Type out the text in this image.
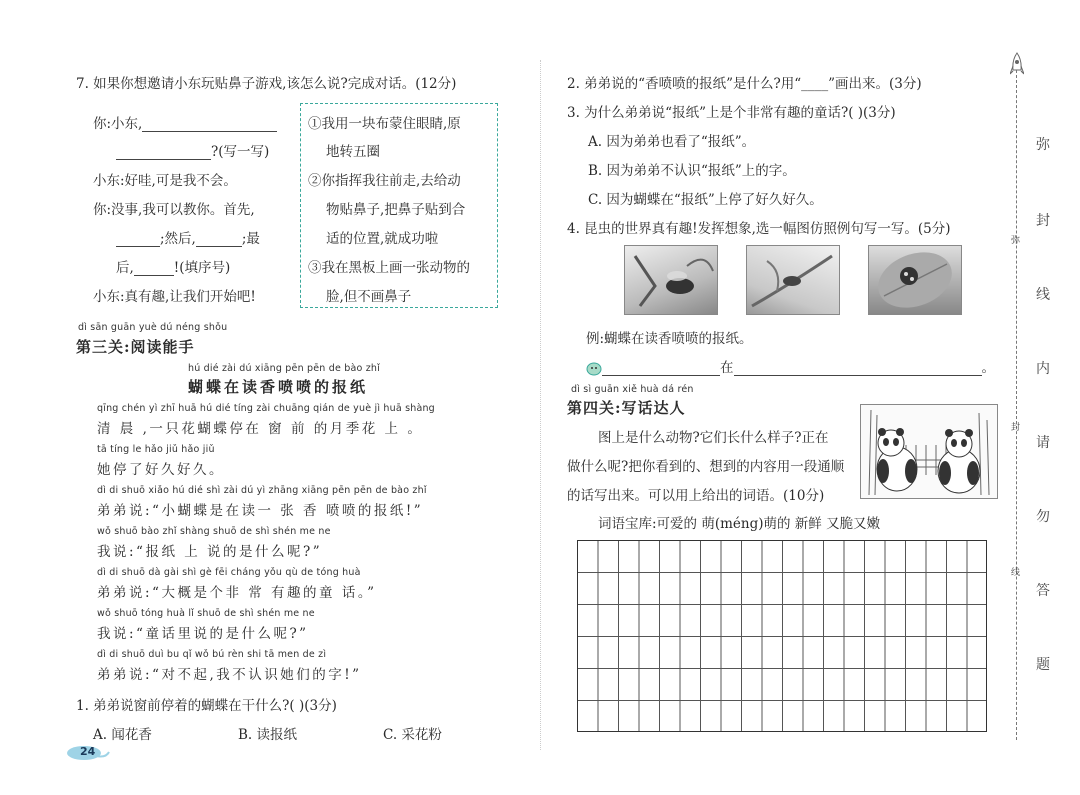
7. 如果你想邀请小东玩贴鼻子游戏,该怎么说?完成对话。(12分)
你:小东,
?(写一写)
小东:好哇,可是我不会。
你:没事,我可以教你。首先,
;然后,	;最
后,	!(填序号)
小东:真有趣,让我们开始吧!
①我用一块布蒙住眼睛,原
地转五圈
②你指挥我往前走,去给动
物贴鼻子,把鼻子贴到合
适的位置,就成功啦
③我在黑板上画一张动物的
脸,但不画鼻子
dì sān guān yuè dú néng shǒu
第三关:阅读能手
hú dié zài dú xiāng pēn pēn de bào zhǐ
蝴蝶在读香喷喷的报纸
qīng chén yì zhī huā hú dié tíng zài chuāng qián de yuè jì huā shàng
清 晨 ,一只花蝴蝶停在 窗 前 的月季花 上 。
tā tíng le hǎo jiǔ hǎo jiǔ
她停了好久好久。
dì di shuō xiǎo hú dié shì zài dú yì zhāng xiāng pēn pēn de bào zhǐ
弟弟说:“小蝴蝶是在读一 张 香 喷喷的报纸!”
wǒ shuō bào zhǐ shàng shuō de shì shén me ne
我说:“报纸 上 说的是什么呢?”
dì di shuō dà gài shì gè fēi cháng yǒu qù de tóng huà
弟弟说:“大概是个非 常 有趣的童 话。”
wǒ shuō tóng huà lǐ shuō de shì shén me ne
我说:“童话里说的是什么呢?”
dì di shuō duì bu qǐ wǒ bú rèn shi tā men de zì
弟弟说:“对不起,我不认识她们的字!”
1. 弟弟说窗前停着的蝴蝶在干什么?( )(3分)
A. 闻花香	B. 读报纸	C. 采花粉
24
2. 弟弟说的“香喷喷的报纸”是什么?用“____”画出来。(3分)
3. 为什么弟弟说“报纸”上是个非常有趣的童话?( )(3分)
A. 因为弟弟也看了“报纸”。
B. 因为弟弟不认识“报纸”上的字。
C. 因为蝴蝶在“报纸”上停了好久好久。
4. 昆虫的世界真有趣!发挥想象,选一幅图仿照例句写一写。(5分)
例:蝴蝶在读香喷喷的报纸。
在	。
dì sì guān xiě huà dá rén
第四关:写话达人
图上是什么动物?它们长什么样子?正在
做什么呢?把你看到的、想到的内容用一段通顺
的话写出来。可以用上给出的词语。(10分)
词语宝库:可爱的 萌(méng)萌的 新鲜 又脆又嫩
弥
封
线
内
请
勿
答
题
弥
封
线
